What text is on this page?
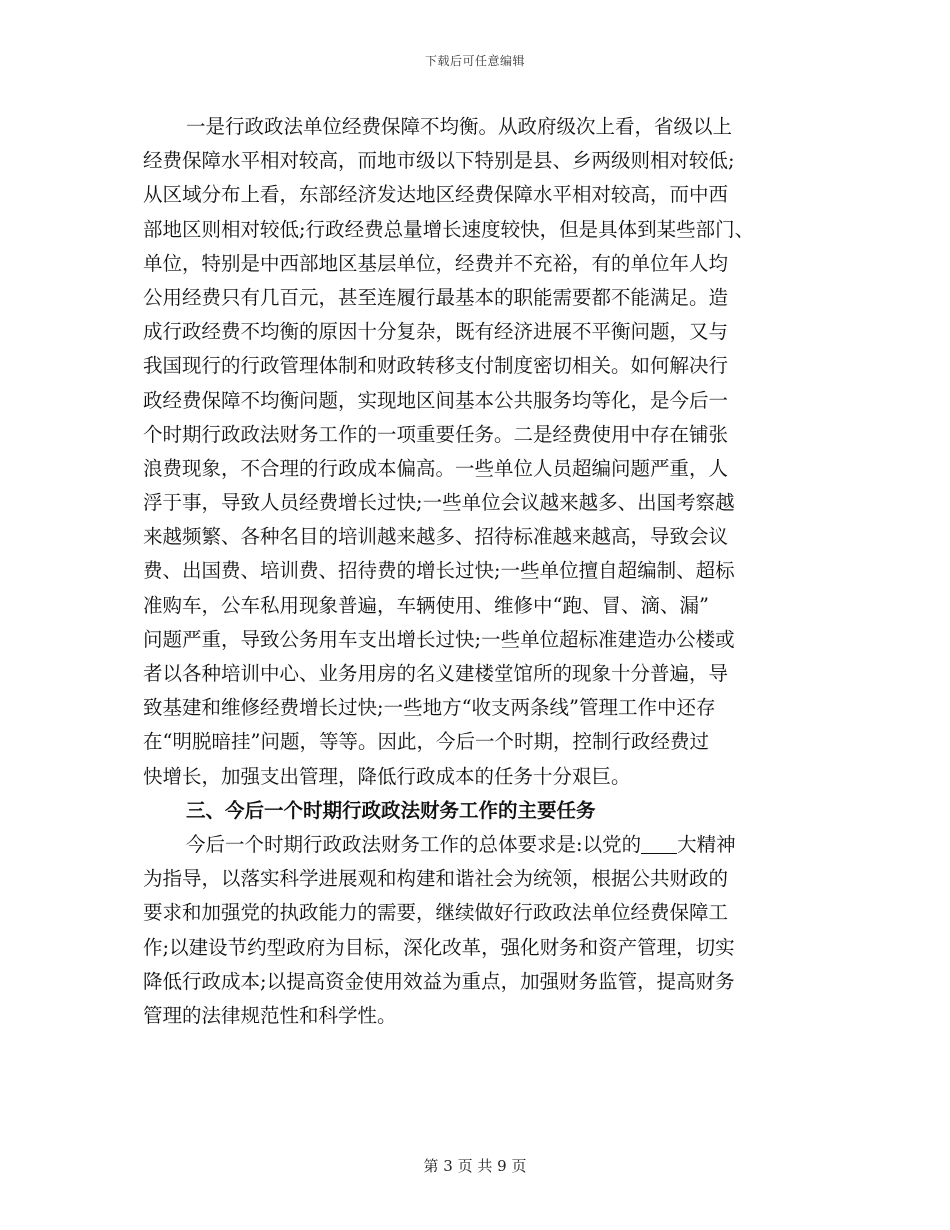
下载后可任意编辑
一是行政政法单位经费保障不均衡。从政府级次上看，省级以上
经费保障水平相对较高，而地市级以下特别是县、乡两级则相对较低;
从区域分布上看，东部经济发达地区经费保障水平相对较高，而中西
部地区则相对较低;行政经费总量增长速度较快，但是具体到某些部门、
单位，特别是中西部地区基层单位，经费并不充裕，有的单位年人均
公用经费只有几百元，甚至连履行最基本的职能需要都不能满足。造
成行政经费不均衡的原因十分复杂，既有经济进展不平衡问题，又与
我国现行的行政管理体制和财政转移支付制度密切相关。如何解决行
政经费保障不均衡问题，实现地区间基本公共服务均等化，是今后一
个时期行政政法财务工作的一项重要任务。二是经费使用中存在铺张
浪费现象，不合理的行政成本偏高。一些单位人员超编问题严重，人
浮于事，导致人员经费增长过快;一些单位会议越来越多、出国考察越
来越频繁、各种名目的培训越来越多、招待标准越来越高，导致会议
费、出国费、培训费、招待费的增长过快;一些单位擅自超编制、超标
准购车，公车私用现象普遍，车辆使用、维修中“跑、冒、滴、漏”
问题严重，导致公务用车支出增长过快;一些单位超标准建造办公楼或
者以各种培训中心、业务用房的名义建楼堂馆所的现象十分普遍，导
致基建和维修经费增长过快;一些地方“收支两条线”管理工作中还存
在“明脱暗挂”问题，等等。因此，今后一个时期，控制行政经费过
快增长，加强支出管理，降低行政成本的任务十分艰巨。
三、今后一个时期行政政法财务工作的主要任务
今后一个时期行政政法财务工作的总体要求是:以党的 大精神
为指导，以落实科学进展观和构建和谐社会为统领，根据公共财政的
要求和加强党的执政能力的需要，继续做好行政政法单位经费保障工
作;以建设节约型政府为目标，深化改革，强化财务和资产管理，切实
降低行政成本;以提高资金使用效益为重点，加强财务监管，提高财务
管理的法律规范性和科学性。
第 3 页 共 9 页
